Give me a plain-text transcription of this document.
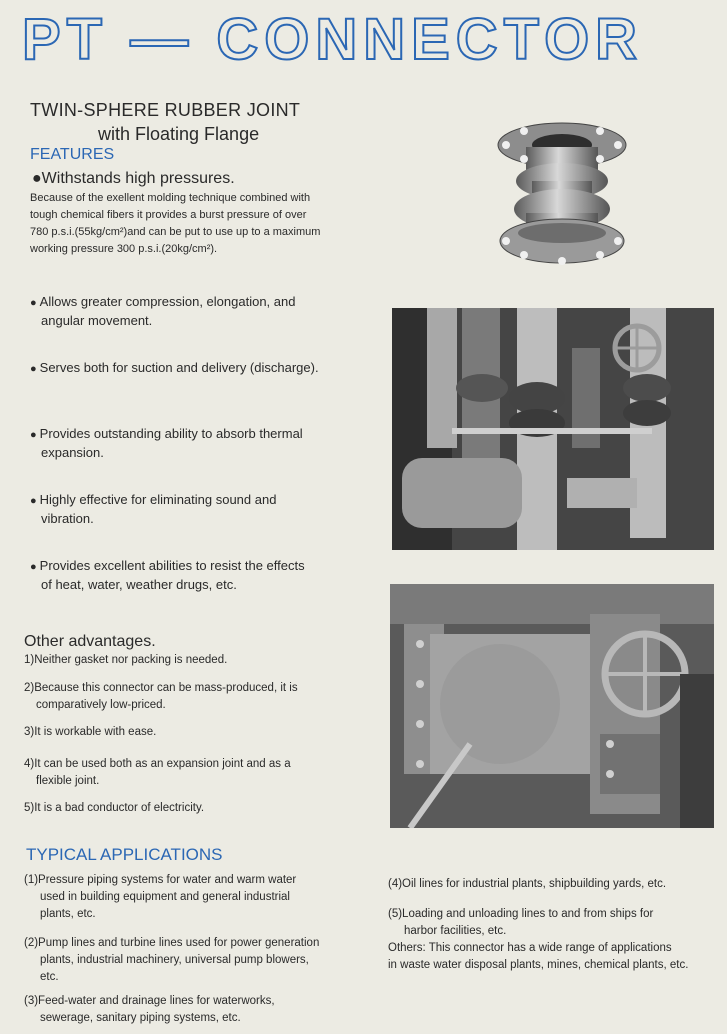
PT — CONNECTOR
TWIN-SPHERE RUBBER JOINT
with Floating Flange
FEATURES
●Withstands high pressures.
Because of the exellent molding technique combined with
tough chemical fibers it provides a burst pressure of over
780 p.s.i.(55kg/cm²)and can be put to use up to a maximum
working pressure 300 p.s.i.(20kg/cm²).
● Allows greater compression, elongation, and
angular movement.
● Serves both for suction and delivery (discharge).
● Provides outstanding ability to absorb thermal
expansion.
● Highly effective for eliminating sound and
vibration.
● Provides excellent abilities to resist the effects
of heat, water, weather drugs, etc.
Other advantages.
1)Neither gasket nor packing is needed.
2)Because this connector can be mass-produced, it is
comparatively low-priced.
3)It is workable with ease.
4)It can be used both as an expansion joint and as a
flexible joint.
5)It is a bad conductor of electricity.
TYPICAL APPLICATIONS
(1)Pressure piping systems for water and warm water
used in building equipment and general industrial
plants, etc.
(2)Pump lines and turbine lines used for power generation
plants, industrial machinery, universal pump blowers,
etc.
(3)Feed-water and drainage lines for waterworks,
sewerage, sanitary piping systems, etc.
(4)Oil lines for industrial plants, shipbuilding yards, etc.
(5)Loading and unloading lines to and from ships for
harbor facilities, etc.
Others: This connector has a wide range of applications
in waste water disposal plants, mines, chemical plants, etc.
